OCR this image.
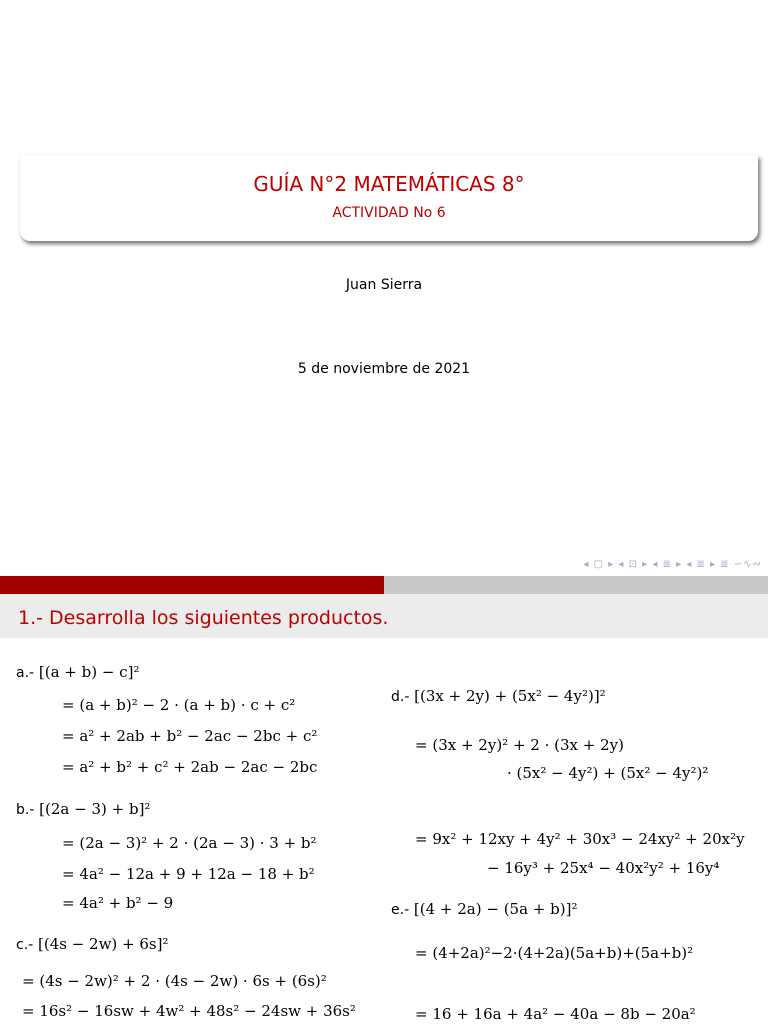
GUÍA N°2 MATEMÁTICAS 8°
ACTIVIDAD No 6
Juan Sierra
5 de noviembre de 2021
◂ ▢ ▸ ◂ ⊡ ▸ ◂ ≣ ▸ ◂ ≣ ▸ ≣ ∽∿∾
1.- Desarrolla los siguientes productos.
a.- [(a + b) − c]²
= (a + b)² − 2 · (a + b) · c + c²
= a² + 2ab + b² − 2ac − 2bc + c²
= a² + b² + c² + 2ab − 2ac − 2bc
b.- [(2a − 3) + b]²
= (2a − 3)² + 2 · (2a − 3) · 3 + b²
= 4a² − 12a + 9 + 12a − 18 + b²
= 4a² + b² − 9
c.- [(4s − 2w) + 6s]²
= (4s − 2w)² + 2 · (4s − 2w) · 6s + (6s)²
= 16s² − 16sw + 4w² + 48s² − 24sw + 36s²
d.- [(3x + 2y) + (5x² − 4y²)]²
= (3x + 2y)² + 2 · (3x + 2y)
· (5x² − 4y²) + (5x² − 4y²)²
= 9x² + 12xy + 4y² + 30x³ − 24xy² + 20x²y
− 16y³ + 25x⁴ − 40x²y² + 16y⁴
e.- [(4 + 2a) − (5a + b)]²
= (4+2a)²−2·(4+2a)(5a+b)+(5a+b)²
= 16 + 16a + 4a² − 40a − 8b − 20a²
